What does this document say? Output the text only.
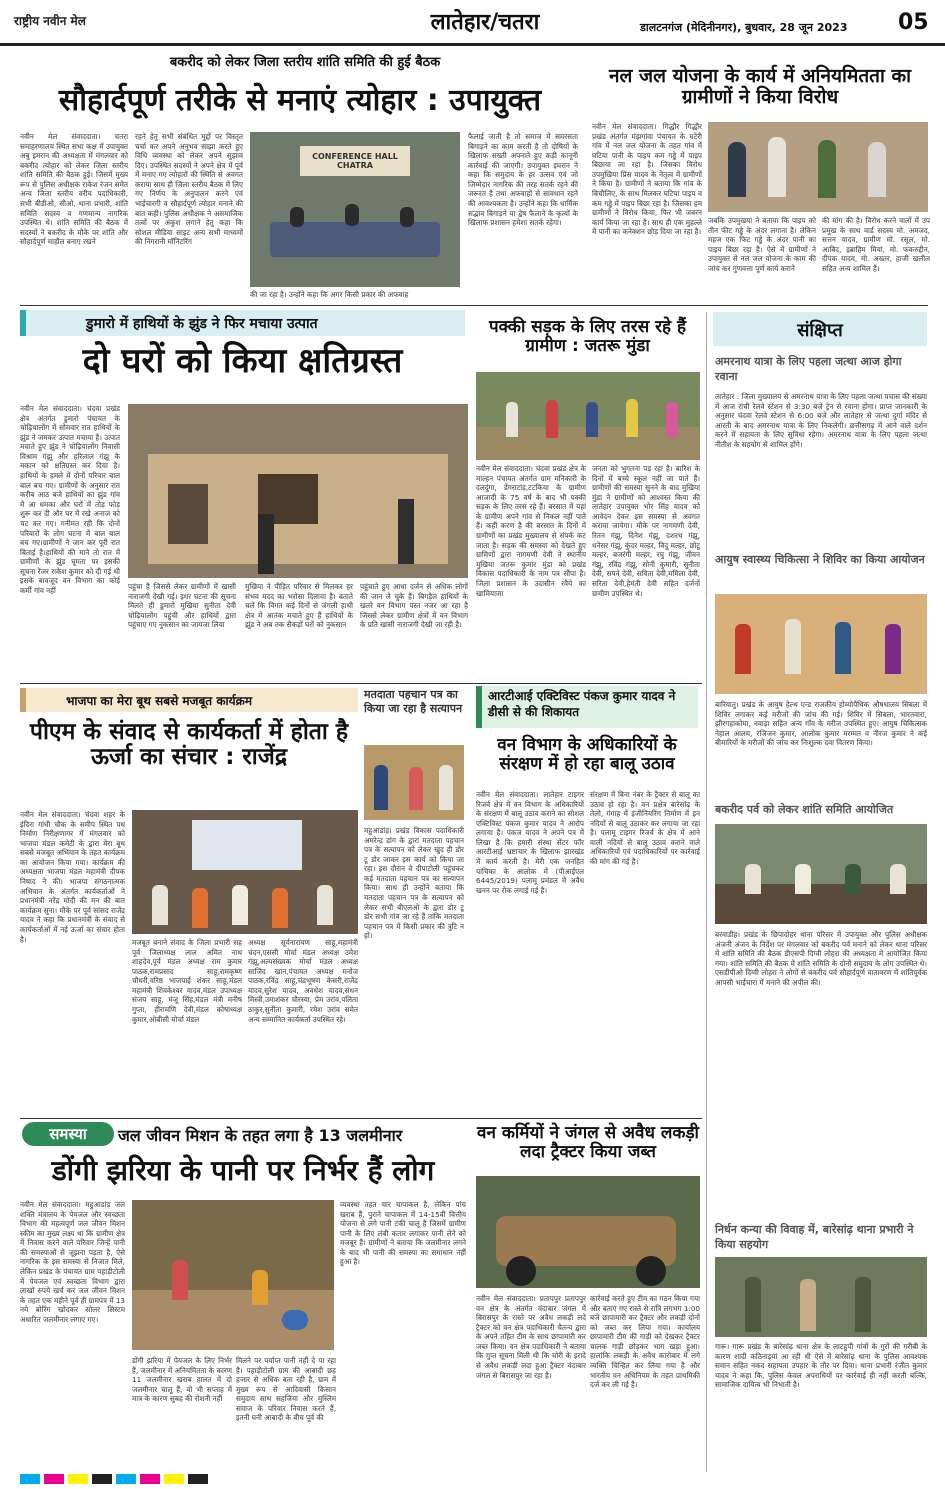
राष्ट्रीय नवीन मेल	लातेहार/चतरा	डालटनगंज (मेदिनीनगर), बुधवार, 28 जून 2023 05
बकरीद को लेकर जिला स्तरीय शांति समिति की हुई बैठक
सौहार्दपूर्ण तरीके से मनाएं त्योहार : उपायुक्त
नवीन मेल संवाददाता। चतरा समाहरणालय स्थित सभा कक्ष में उपायुक्त अबु इमरान की अध्यक्षता में मंगलवार को बकरीद त्योहार को लेकर जिला स्तरीय शांति समिति की बैठक हुई। जिसमें मुख्य रूप से पुलिस अधीक्षक राकेश रंजन समेत अन्य जिला स्तरीय वरीय पदाधिकारी, सभी बीडीओ, सीओ, थाना प्रभारी, शांति समिति सदस्य व गणमान्य नागरिक उपस्थित थे। शांति समिति की बैठक में सदस्यों ने बकरीद के मौके पर शांति और सौहार्दपूर्ण माहौल बनाए रखने
रहने हेतु सभी संबंधित मुद्दों पर विस्तृत चर्चा कर अपने अनुभव साझा करते हुए विधि व्यवस्था को लेकर अपने सुझाव दिए। उपस्थित सदस्यों ने अपने क्षेत्र में पूर्व में मनाए गए त्योहारों की स्थिति से अवगत कराया साथ ही जिला स्तरीय बैठक में लिए गए निर्णय के अनुपालन करने एवं भाईचारगी व सौहार्दपूर्ण त्योहार मनाने की बात कही। पुलिस अधीक्षक ने असमाजिक तत्वों पर अंकुश लगाने हेतु कहा कि सोशल मीडिया साइट अन्य सभी माध्यमों की निगरानी मॉनिटरिंग
CONFERENCE HALL CHATRA
की जा रहा है। उन्होंने कहा कि अगर किसी प्रकार की अफवाह
फैलाई जाती है तो समाज में समरसता बिगाड़ने का काम करती है तो दोषियों के खिलाफ सख्ती अपनाते हुए कड़ी कानूनी कार्रवाई की जाएगी। उपायुक्त इमरान ने कहा कि समुदाय के हर उत्सव एवं जो जिम्मेदार नागरिक की तरह सतर्क रहने की जरूरत है तथा अफवाहों से सावधान रहने की आवश्यकता है। उन्होंने कहा कि धार्मिक सद्भाव बिगाड़ने या द्वेष फैलाने के कृत्यों के खिलाफ प्रशासन हमेशा सतर्क रहेगा।
नल जल योजना के कार्य में अनियमितता का ग्रामीणों ने किया विरोध
नवीन मेल संवाददाता। गिद्धौर गिद्धौर प्रखंड अंतर्गत मंझगांवा पंचायत के घटेरी गांव में नल जल योजना के तहत गांव में घटिया पानी के पाइप कम गड्ढे में पाइप बिछाया जा रहा है। जिसका विरोध उपमुखिया प्रिंस यादव के नेतृत्व में ग्रामीणों ने किया है। ग्रामीणों ने बताया कि गांव के बिचौलिए, के साथ मिलकर घटिया पाइप व कम गड्ढे में पाइप बिछा रहा है। जिसका हम ग्रामीणों ने विरोध किया, फिर भी जबरन कार्य किया जा रहा है। साथ ही एक मुहल्ले में पानी का कनेक्शन छोड़ दिया जा रहा है।
जबकि उपमुखया ने बताया कि पाइप को तीन फीट गड्ढे के अंदर लगाना है। लेकिन महज एक फिट गड्ढे के अंदर पानी का पाइप बिछा रहा है। ऐसे में ग्रामीणों ने उपायुक्त से नल जल योजना के काम की जांच कर गुणवत्ता पूर्ण कार्य कराने
की मांग की है। विरोध करने वालों में उप प्रमुख के साथ वार्ड सदस्य मो. अमजद, सत्तन यादव, ग्रामीण मो. रसूल, मो. आबिद, इब्राहिम मियां, मो. फकरुद्दीन, दीपक यादव, मो. अख्तर, हाजी खलील सहित अन्य शामिल हैं।
डुमारो में हाथियों के झुंड ने फिर मचाया उत्पात
दो घरों को किया क्षतिग्रस्त
नवीन मेल संवाददाता। चंदवा प्रखंड क्षेत्र अंतर्गत डुमारो पंचायत के चोढ़ियालोंग में सोमवार रात हाथियों के झुंड ने जमकर उत्पात मचाया है। उत्पात मचाते हुए झुंड ने चोढ़ियालोंग निवासी विश्राम गंझू और हरिलाल गंझू के मकान को क्षतिग्रस्त कर दिया है। हाथियों के हमले में दोनों परिवार बाल बाल बच गए। ग्रामीणों के अनुसार रात करीब आठ बजे हाथियों का झुंड गांव में आ धमका और घरों में तोड़ फोड़ शुरू कर दी और घर में रखे अनाज को चट कर गए। गनीमत रही कि दोनों परिवारों के लोग घटना में बाल बाल बच गए।ग्रामीणों ने जान कर पूरी रात बिताई है।हाथियों की माने तो रात में ग्रामीणों के झुंड घूमता पर इसकी सूचना रेंजर राकेश कुमार को दी गई थी इसके बावजूद वन विभाग का कोई कर्मी गांव नहीं	पहुंचा है जिससे लेकर ग्रामीणों में खासी नाराजगी देखी गई। इधर घटना की सूचना मिलते ही डुमारो मुखिया सुनीता देवी चोढ़ियालोंग पहुंची और हाथियों द्वारा पहुंचाए गए नुकसान का जायजा लिया
मुखिया ने पीड़ित परिवार से मिलकर हर संभव मदद का भरोसा दिलाया है। बताते चलें कि विगत कई दिनों से जंगली हाथी क्षेत्र में आतंक मचाते हुए हैं हाथियों के झुंड ने अब तक सैकड़ों घरों को नुकसान
पहुंचाते हुए आधा दर्जन से अधिक लोगों की जान ले चुके हैं। बिगड़ैल हाथियों के खतरे वन विभाग पस्त नजर आ रहा है जिससे लेकर ग्रामीण क्षेत्रों में वन विभाग के प्रति खासी नाराजगी देखी जा रही है।
पक्की सड़क के लिए तरस रहे हैं ग्रामीण : जतरू मुंडा
नवीन मेल संवाददाता। चंदवा प्रखंड क्षेत्र के माल्हन पंचायत अंतर्गत ग्राम मनिकारी के दलदुंगा, डेंगराटांड़,टटकिया के ग्रामीण आजादी के 75 वर्ष के बाद भी पक्की सड़क के लिए तरस रहे हैं। बरसात में यहां के ग्रामीण अपने गांव से निकल नहीं पाते हैं। कहीं करण है की बरसात के दिनों में ग्रामीणों का प्रखंड मुख्यालय से संपर्क कट जाता है। सड़क की समस्या को देखते हुए ग्रामिणों द्वारा नागमणी देवी ने स्थानीय मुखिया जतरू कुमार मुंडा को प्रखंड विकास पदाधिकारी के नाम पत्र सौंपा है। जिला प्रशासन के उदासीन रवैये का खामियाजा
जनता को भुगतना पड़ रहा है। बारिश के दिनों में बच्चे स्कूल नहीं जा पाते हैं। ग्रामीणों की समस्या सुनने के बाद मुखिया मुंडा ने ग्रामीणों को आश्वस्त किया की लातेहार उपायुक्त भोर सिंह यादव को आवेदन देकर इस समस्या से अवगत कराया जायेगा। मौके पर नागमणी देवी, रितन गंझू, दिनेश गंझू, दशरथ गंझू, धनेसर गंझू, कुंदर मल्हर, विदु मल्हर, छोटू मल्हर, बजरंगी मल्हर, रघु गंझू, जीवन गंझू, रविंद्र गंझू, सोनी कुमारी, सुनीता देवी, सपने देवी, सविता देवी,ममिला देवी, सरिता देवी,हेमंती देवी सहित दर्जनों ग्रामीण उपस्थित थे।
संक्षिप्त
अमरनाथ यात्रा के लिए पहला जत्था आज होगा रवाना
लातेहार : जिला मुख्यालय से अमरनाथ यात्रा के लिए पहला जत्था पचास की संख्या में आज रांची रेलवे स्टेशन से 3:30 बजे ट्रेन से रवाना होगा। प्राप्त जानकारी के अनुसार चंदवा रेलवे स्टेशन से 6:00 बजे और लातेहार से जत्था दुर्गा मंदिर से आरती के बाद अमरनाथ यात्रा के लिए निकलेगी। छत्तीसगढ़ में आने वाले दर्शन करने में सहायता के लिए सुविधा रहेगा। अमरनाथ यात्रा के लिए पहला जत्था नीतीश के सहयोग से शामिल होंगे।
आयुष स्वास्थ्य चिकित्सा ने शिविर का किया आयोजन
बारियातु। प्रखंड के आयुष हेल्थ एन्ड राजकीय होम्योपैथिक औषधालय सिबला में शिविर लगाकर कई मरीजों की जांच की गई। शिविर में सिबला, भारतवारा, झीरगहाकोमा, नवाड़ा सहित अन्य गाँव के मरीज उपस्थित हुए। आयुष चिकित्सक नेहाल आलम, रजिजन कुमार, आलोक कुमार मरम्मत व नीरज कुमार ने कई बीमारियों के मरीजों की जांच कर निःशुल्क दवा वितरण किया।
बकरीद पर्व को लेकर शांति समिति आयोजित
बरवाडीह। प्रखंड के छिपादोहर थाना परिसर में उपायुक्त और पुलिस अधीक्षक अंजनी अंजन के निर्देश पर मंगलवार को बकरीद पर्व मनाने को लेकर थाना परिसर में शांति समिति की बैठक डीएसपी दिग्वी लोहरा की अध्यक्षता में आयोजित किया गया। शांति समिति की बैठक में शांति समिति के दोनों समुदाय के लोग उपस्थित थे। एसडीपीओ दिग्वी लोहरा ने लोगों से बकरीद पर्व सौहार्दपूर्ण वातावरण में शांतिपूर्वक आपसी भाईचारा में मनाने की अपील की।
निर्धन कन्या की विवाह में, बारेसांढ़ थाना प्रभारी ने किया सहयोग
गारू। गारू प्रखंड के बारेसांढ़ थाना क्षेत्र के लाटहुपी गांवों के गुरों की गरीबी के कारण शादी कठिनाइयां आ रही थी ऐसे में बारेसांढ़ थाना के पुलिस आवश्यक समान सहित नकद सहायता उपहार के तौर पर दिया। थाना प्रभारी रंजीत कुमार यादव ने कहा कि, पुलिस केवल अपराधियों पर कार्रवाई ही नहीं करती बल्कि, सामाजिक दायित्व भी निभाती है।
भाजपा का मेरा बूथ सबसे मजबूत कार्यक्रम
पीएम के संवाद से कार्यकर्ता में होता है ऊर्जा का संचार : राजेंद्र
नवीन मेल संवाददाता। चंदवा शहर के इंदिरा गांधी चौक के समीप स्थित पथ निर्माण निरीक्षणागर में मंगलवार को भाजपा मंडल कमेटी के द्वारा मेरा बूथ सबसे मजबूत अभियान के तहत कार्यक्रम का आयोजन किया गया। कार्यक्रम की अध्यक्षता भाजपा मंडल महामंत्री दीपक निषाद ने की। भाजपा संगठनात्मक अभियान के अंतर्गत कार्यकर्ताओं ने प्रधानमंत्री नरेंद्र मोदी की मन की बात कार्यक्रम सुना। मौके पर पूर्व सांसद राजेंद्र यादव ने कहा कि प्रधानमंत्री के संवाद से कार्यकर्ताओं में नई ऊर्जा का संचार होता है।	मजबूत बनाने संवाद के जिला प्रभारी सह पूर्व जिलाध्यक्ष लाल अमित नाथ शाहदेव,पूर्व मंडल अध्यक्ष राम कुमार पाठक,रामप्रसाद साहू,रामकृष्ण चौधरी,वरिष्ठ भाजपाई शंकर साहू,मंडल महामंत्री शिवकेश्वर यादव,मंडल उपाध्यक्ष संजय साहू, मंजू सिंह,मंडल मंत्री मनीष गुप्ता, हीरामणि देवी,मंडल कोषाध्यक्ष कुमार,ओबीसी मोर्चा मंडल
अध्यक्ष सूर्यनारायण साहू,महामंत्री चंदन,एससी मोर्चा मंडल अध्यक्ष उमेश गंझू,अल्पसंख्यक मोर्चा मंडल अध्यक्ष साजिद खान,पंचायत अध्यक्ष मनोज पाठक,रविंद्र साहू,चंद्रभूषण केसरी,राजेंद्र यादव,सुरेश यादव, अवधेश यादव,संधन मिस्त्री,उमाशंकर चौरस्या, प्रेम उरांव,पलिता ठाकुर,सुनीता कुमारी, रमेश उरांव समेत अन्य सम्मानित कार्यकर्ता उपस्थित रहे।
मतदाता पहचान पत्र का किया जा रहा है सत्यापन
महुआडांड़। प्रखंड विकास पदाधिकारी अमरेन्द्र डांग के द्वारा मतदाता पहचान पत्र के सत्यापन को लेकर खुद ही डोर टू डोर जाकर इस कार्य को किया जा रहा। इस दौरान वे दीपाटोली पहुंचकर कई मतदाता पहचान पत्र का सत्यापन किया। साथ ही उन्होंने बताया कि मतदाता पहचान पत्र के सत्यापन को लेकर सभी बीएलओ के द्वारा डोर टू डोर सभी गांव जा रहे हैं ताकि मतदाता पहचान पत्र में किसी प्रकार की त्रुटि न हो।
आरटीआई एक्टिविस्ट पंकज कुमार यादव ने डीसी से की शिकायत
वन विभाग के अधिकारियों के संरक्षण में हो रहा बालू उठाव
नवीन मेल संवाददाता। लातेहार टाइगर रिजर्व क्षेत्र में वन विभाग के अधिकारियों के संरक्षण में बालू उठाव कराने का सोशल एक्टिविस्ट पंकज कुमार यादव ने आरोप लगाया है। पंकज यादव ने अपने पत्र में लिखा है कि हमारी संस्था सेंटर फॉर आरटीआई भ्रष्टाचार के खिलाफ झारखंड में कार्य करती है। मेरी एक जनहित याचिका के आलोक में (पीआईएल 6445/2019) पलामू प्रमंडल में अवैध खनन पर रोक लगाई गई है।
संरक्षण में बिना नंबर के ट्रैक्टर से बालू का उठाव हो रहा है। वन प्रक्षेत्र बारेसांढ़ के तेलो, गंगाह में इंजीनियरिंग निर्माण में इन नदियों से बालू उठाकर कर लगाया जा रहा है। पलामू टाइगर रिजर्व के क्षेत्र में आने वाली नदियों से बालू उठाव कराने वाले अधिकारियों एवं पदाधिकारियों पर कार्रवाई की मांग की गई है।
समस्या	जल जीवन मिशन के तहत लगा है 13 जलमीनार
डोंगी झरिया के पानी पर निर्भर हैं लोग
नवीन मेल संवाददाता। महुआडांड़ जल शक्ति मंत्रालय के पेयजल और स्वच्छता विभाग की महत्वपूर्ण जल जीवन मिशन स्कीम का मुख्य लक्ष्य था कि ग्रामीण क्षेत्र में निवास करने वाले परिवार जिन्हें पानी की समस्याओं से जूझना पड़ता है, ऐसे नागरिक के इस समस्या से निजात मिले, लेकिन प्रखंड के पंचायत ग्राम पहाड़ीटोली में पेयजल एवं स्वच्छता विभाग द्वारा लाखों रुपये खर्च कर जल जीवन मिशन के तहत एक महीने पूर्व ही ग्रामपत्र में 13 नये बोरिंग खोदकर सोलर सिस्टम अधारित जलमीनार लगाए गए।
डोंगी झरिया में पेयजल के लिए निर्भर हैं, जलमीनार में अनियमितता के कारण 11 जलमीनार खराब हालत में दो जलमीनार चालू हैं, वो भी सप्ताह में मात्र के कारण सुबह की रोशनी नहीं
मिलने पर पर्याप्त पानी नहीं दे पा रहा है। पहाड़ीटोली ग्राम की आबादी छह हजार से अधिक बता रही है, ग्राम में मुख्य रूप से आदिवासी किसान समुदाय साथ सहजिया और मुस्लिम समाज के परिवार निवास करते हैं, इतनी घनी आबादी के बीच पूर्व की
व्यवस्था तहत चार चापाकल है, लेकिन पांच खराब हैं, पुराने चापाकल में 14-15वीं वित्तीय योजना से लगे पानी टंकी चालू है जिसमें ग्रामीण पानी के लिए लंबी कतार लगाकर पानी लेने को मजबूर हैं। ग्रामीणों ने बताया कि जलमीनार लगने के बाद भी पानी की समस्या का समाधान नहीं हुआ है।
वन कर्मियों ने जंगल से अवैध लकड़ी लदा ट्रैक्टर किया जब्त
नवीन मेल संवाददाता। प्रतापपुर प्रतापपुर वन क्षेत्र के अंतर्गत वंदाबार जंगल में बिरासपुर के रास्ते पर अवैध लकड़ी लदे ट्रैक्टर को वन क्षेत्र पदाधिकारी चैतन्य द्वारा के अपने तहित टीम के साथ छापामारी कर जब्त किया। वन क्षेत्र पदाधिकारी ने बताया कि गुप्त सूचना मिली थी कि चोरी के इरादे से अवैध लकड़ी लदा हुआ ट्रैक्टर वंदाबार जंगल से बिरासपुर जा रहा है।
कार्रवाई करते हुए टीम का गठन किया गया और बताए गए रास्ते से रात्रि लगभग 1:00 बजे छापामारी कर ट्रैक्टर और लकड़ी दोनों को जब्त कर लिया गया। कार्यालय छापामारी टीम की गाड़ी को देखकर ट्रैक्टर चालक गाड़ी छोड़कर भाग खड़ा हुआ। हालांकि लकड़ी के अवैध कारोबार में लगे व्यक्ति चिन्हित कर लिया गया है और भारतीय वन अधिनियम के तहत प्राथमिकी दर्ज कर ली गई है।
